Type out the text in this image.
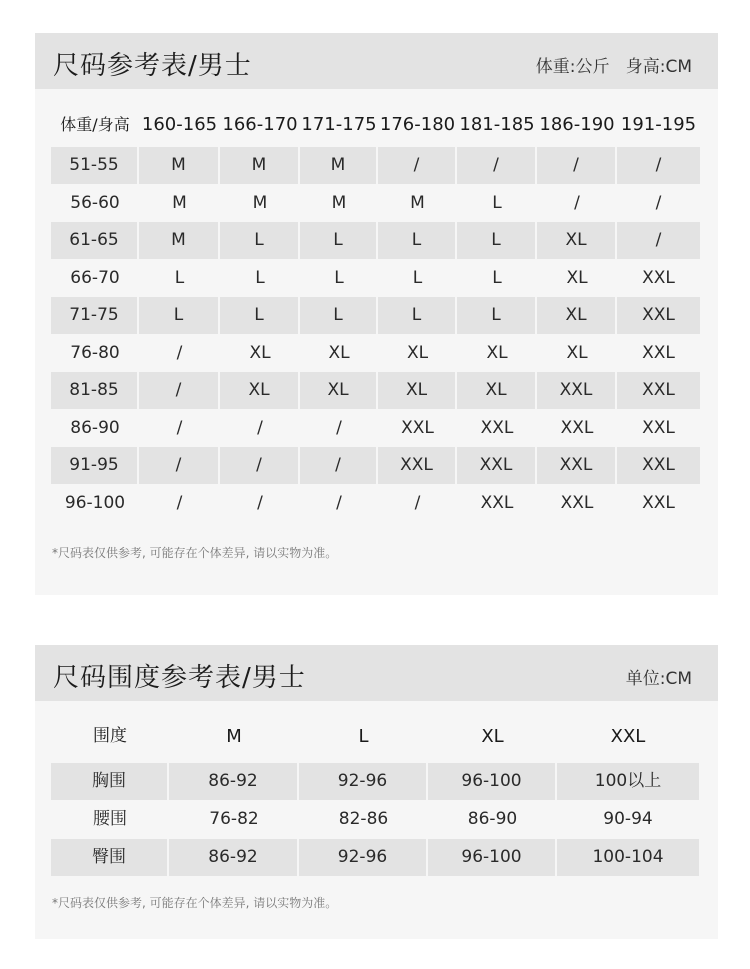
尺码参考表/男士	体重:公斤   身高:CM
体重/身高 160-165 166-170 171-175 176-180 181-185 186-190 191-195
51-55	M	M	M	/	/	/	/
56-60	M	M	M	M	L	/	/
61-65	M	L	L	L	L	XL	/
66-70	L	L	L	L	L	XL	XXL
71-75	L	L	L	L	L	XL	XXL
76-80	/	XL	XL	XL	XL	XL	XXL
81-85	/	XL	XL	XL	XL	XXL	XXL
86-90	/	/	/	XXL	XXL	XXL	XXL
91-95	/	/	/	XXL	XXL	XXL	XXL
96-100	/	/	/	/	XXL	XXL	XXL
*尺码表仅供参考, 可能存在个体差异, 请以实物为准。
尺码围度参考表/男士	单位:CM
围度	M	L	XL	XXL
胸围	86-92	92-96	96-100	100以上
腰围	76-82	82-86	86-90	90-94
臀围	86-92	92-96	96-100	100-104
*尺码表仅供参考, 可能存在个体差异, 请以实物为准。
